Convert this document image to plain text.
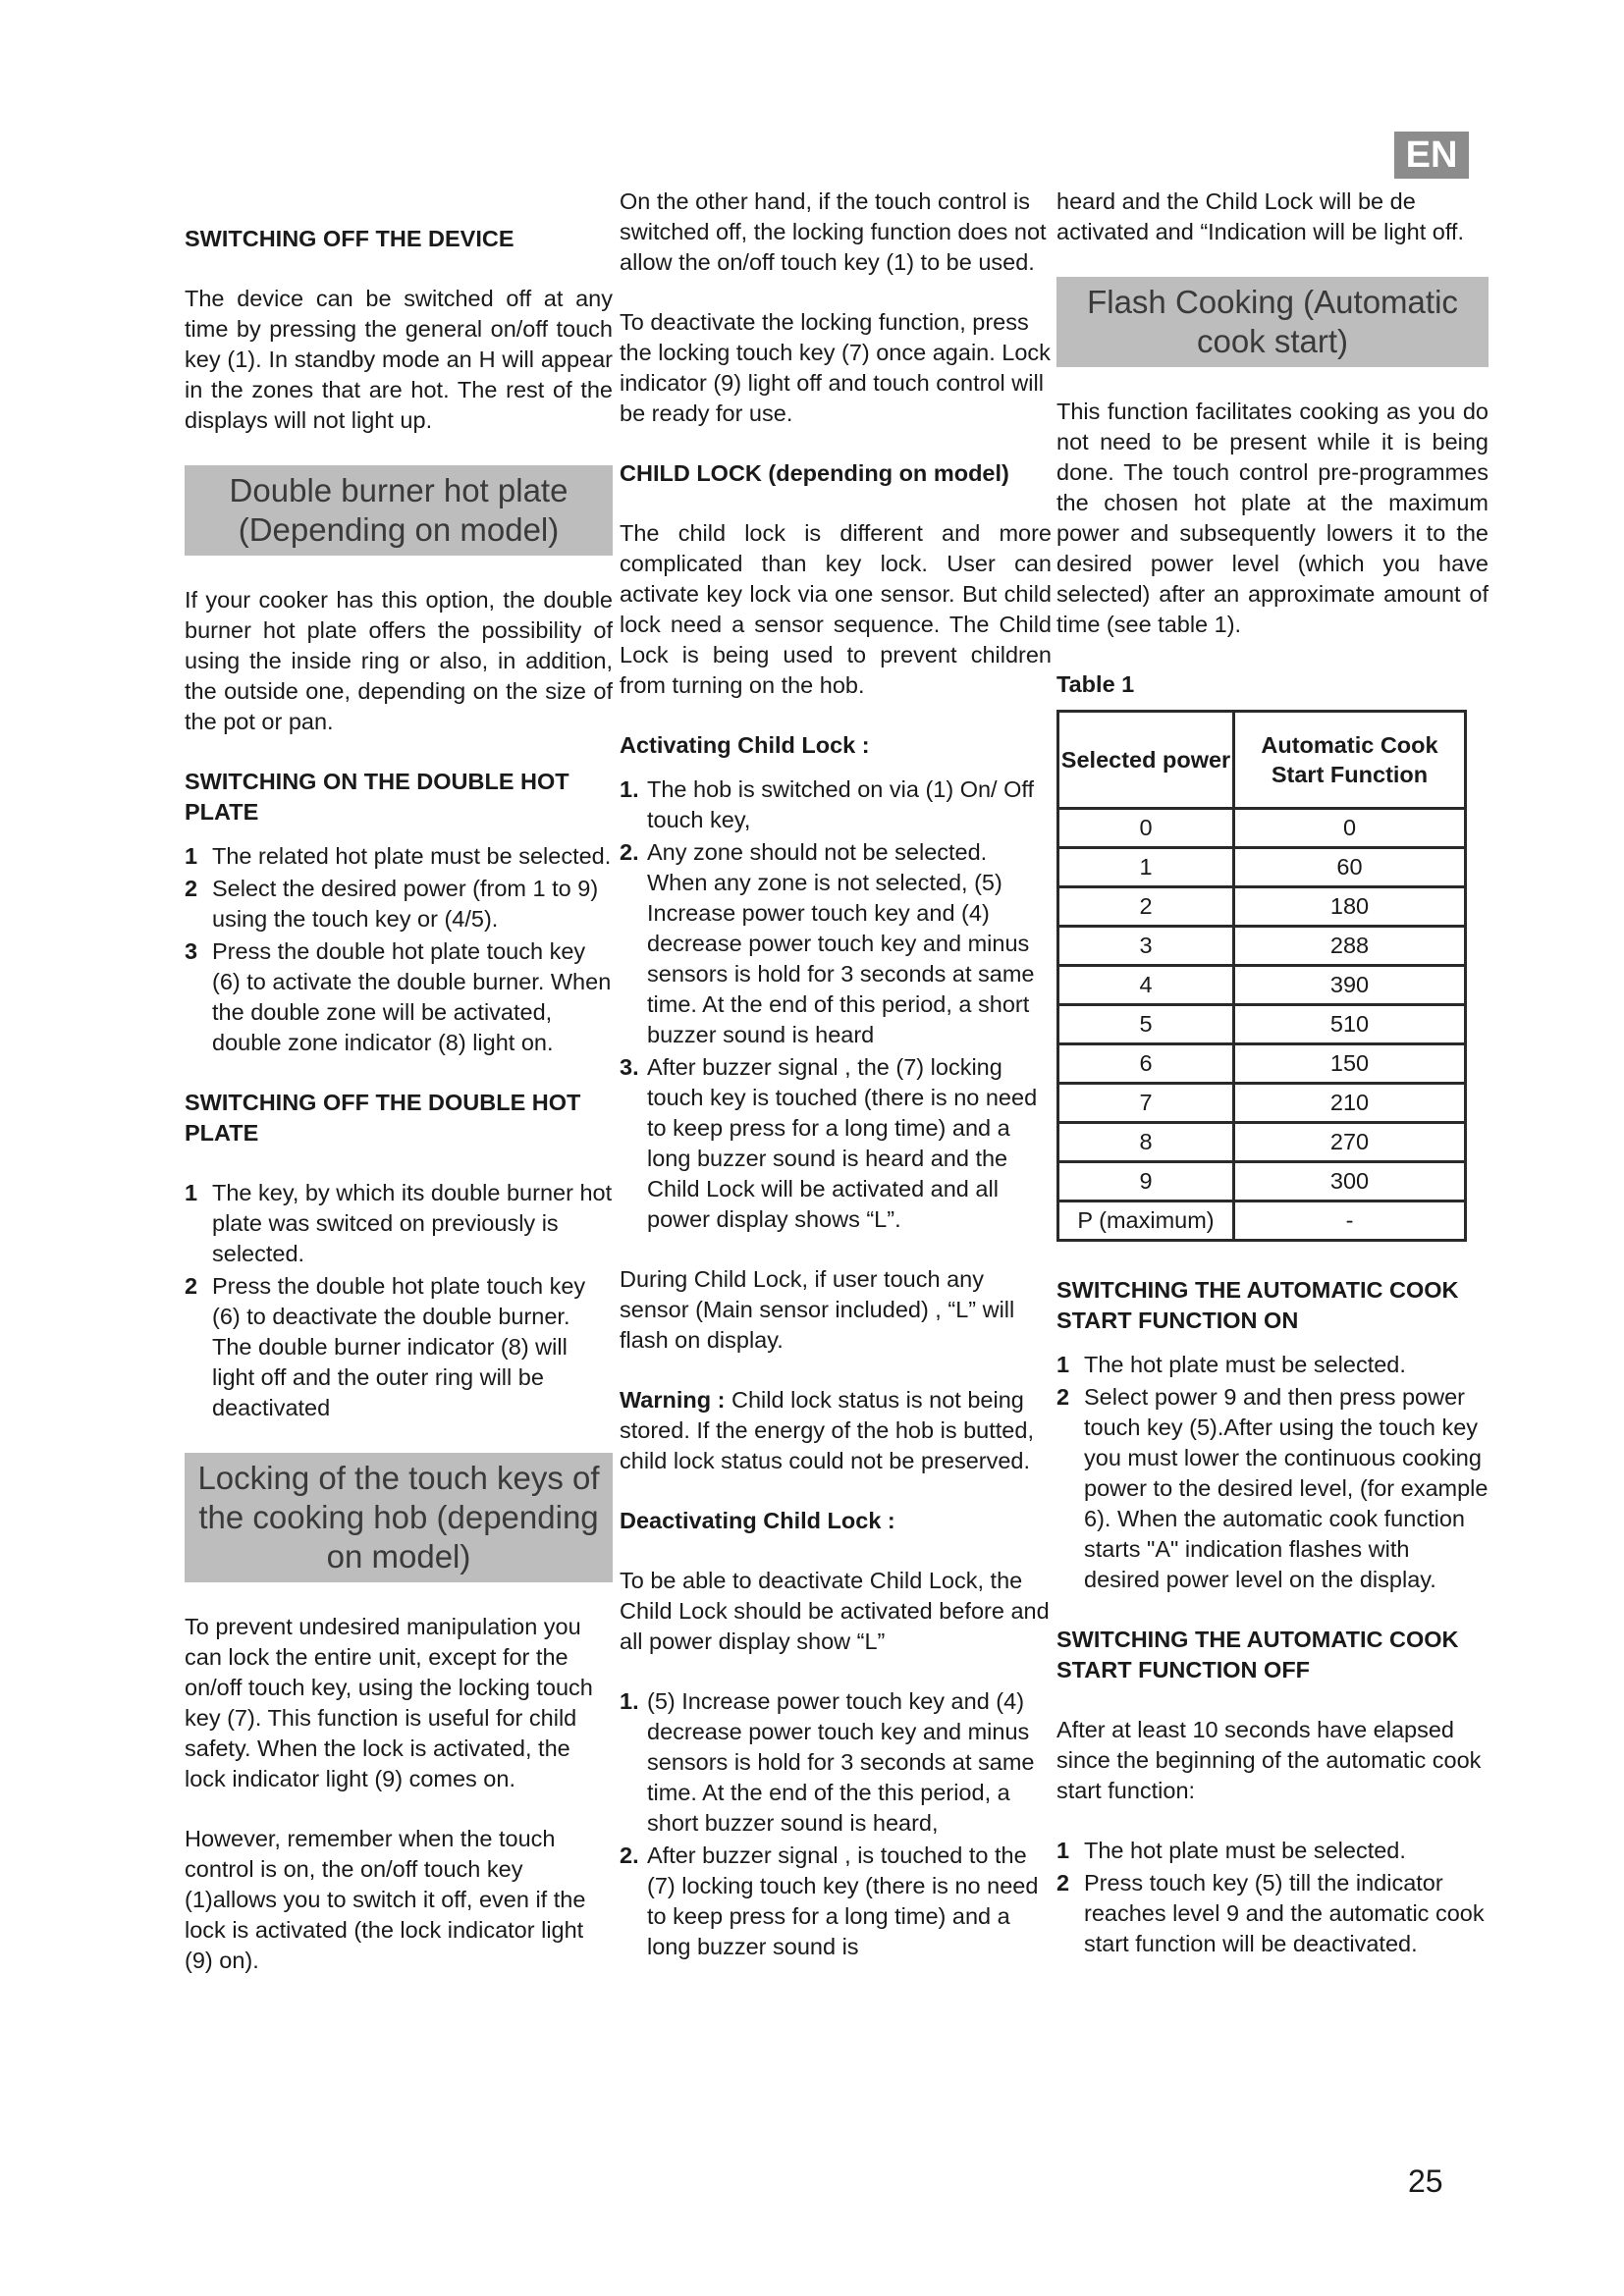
EN
SWITCHING OFF THE DEVICE

The device can be switched off at any time by pressing the general on/off touch key (1). In standby mode an H will appear in the zones that are hot. The rest of the displays will not light up.

Double burner hot plate (Depending on model)

If your cooker has this option, the double burner hot plate offers the possibility of using the inside ring or also, in addition, the outside one, depending on the size of the pot or pan.

SWITCHING ON THE DOUBLE HOT PLATE
1 The related hot plate must be selected.
2 Select the desired power (from 1 to 9) using the touch key or (4/5).
3 Press the double hot plate touch key (6) to activate the double burner. When the double zone will be activated, double zone indicator (8) light on.
SWITCHING OFF THE DOUBLE HOT PLATE
1 The key, by which its double burner hot plate was switced on previously is selected.
2 Press the double hot plate touch key (6) to deactivate the double burner. The double burner indicator (8) will light off and the outer ring will be deactivated
Locking of the touch keys of the cooking hob (depending on model)

To prevent undesired manipulation you can lock the entire unit, except for the on/off touch key, using the locking touch key (7). This function is useful for child safety. When the lock is activated, the lock indicator light (9) comes on.

However, remember when the touch control is on, the on/off touch key (1)allows you to switch it off, even if the lock is activated (the lock indicator light (9) on).

On the other hand, if the touch control is switched off, the locking function does not allow the on/off touch key (1) to be used.

To deactivate the locking function, press the locking touch key (7) once again. Lock indicator (9) light off and touch control will be ready for use.

CHILD LOCK (depending on model)

The child lock is different and more complicated than key lock. User can activate key lock via one sensor. But child lock need a sensor sequence. The Child Lock is being used to prevent children from turning on the hob.

Activating Child Lock :
1. The hob is switched on via (1) On/ Off touch key,
2. Any zone should not be selected. When any zone is not selected, (5) Increase power touch key and (4) decrease power touch key and minus sensors is hold for 3 seconds at same time. At the end of this period, a short buzzer sound is heard
3. After buzzer signal , the (7) locking touch key is touched (there is no need to keep press for a long time) and a long buzzer sound is heard and the Child Lock will be activated and all power display shows “L”.

During Child Lock, if user touch any sensor (Main sensor included) , “L” will flash on display.

Warning : Child lock status is not being stored. If the energy of the hob is butted, child lock status could not be preserved.

Deactivating Child Lock :

To be able to deactivate Child Lock, the Child Lock should be activated before and all power display show “L”

1. (5) Increase power touch key and (4) decrease power touch key and minus sensors is hold for 3 seconds at same time. At the end of the this period, a short buzzer sound is heard,
2. After buzzer signal , is touched to the (7) locking touch key (there is no need to keep press for a long time) and a long buzzer sound is

heard and the Child Lock will be de activated and “Indication will be light off.

Flash Cooking (Automatic cook start)

This function facilitates cooking as you do not need to be present while it is being done. The touch control pre-programmes the chosen hot plate at the maximum power and subsequently lowers it to the desired power level (which you have selected) after an approximate amount of time (see table 1).

Table 1
Selected power	Automatic Cook Start Function
0	0
1	60
2	180
3	288
4	390
5	510
6	150
7	210
8	270
9	300
P (maximum)	-
SWITCHING THE AUTOMATIC COOK START FUNCTION ON
1 The hot plate must be selected.
2 Select power 9 and then press power touch key (5).After using the touch key you must lower the continuous cooking power to the desired level, (for example 6). When the automatic cook function starts "A" indication flashes with desired power level on the display.
SWITCHING THE AUTOMATIC COOK START FUNCTION OFF

After at least 10 seconds have elapsed since the beginning of the automatic cook start function:

1 The hot plate must be selected.
2 Press touch key (5) till the indicator reaches level 9 and the automatic cook start function will be deactivated.
25
